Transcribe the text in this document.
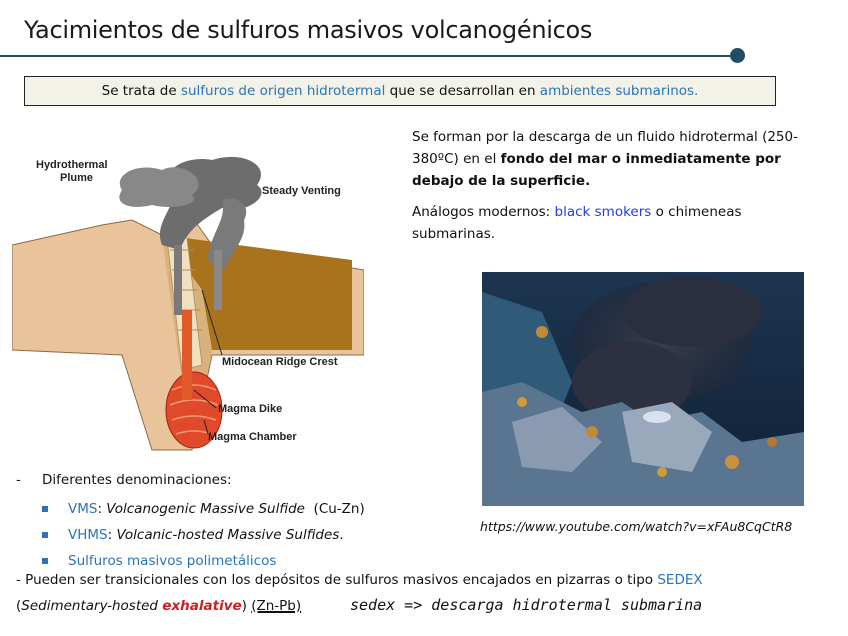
Yacimientos de sulfuros masivos volcanogénicos
Se trata de sulfuros de origen hidrotermal que se desarrollan en ambientes submarinos.

Se forman por la descarga de un fluido hidrotermal (250-380ºC) en el fondo del mar o inmediatamente por debajo de la superficie.

Análogos modernos: black smokers o chimeneas submarinas.

Hydrothermal
Plume
Steady Venting
Midocean Ridge Crest
Magma Dike
Magma Chamber
https://www.youtube.com/watch?v=xFAu8CqCtR8
- Diferentes denominaciones:
VMS : Volcanogenic Massive Sulfide (Cu-Zn)
VHMS : Volcanic-hosted Massive Sulfides .
Sulfuros masivos polimetálicos
- Pueden ser transicionales con los depósitos de sulfuros masivos encajados en pizarras o tipo SEDEX
(Sedimentary-hosted exhalative) (Zn-Pb)	sedex => descarga hidrotermal submarina
